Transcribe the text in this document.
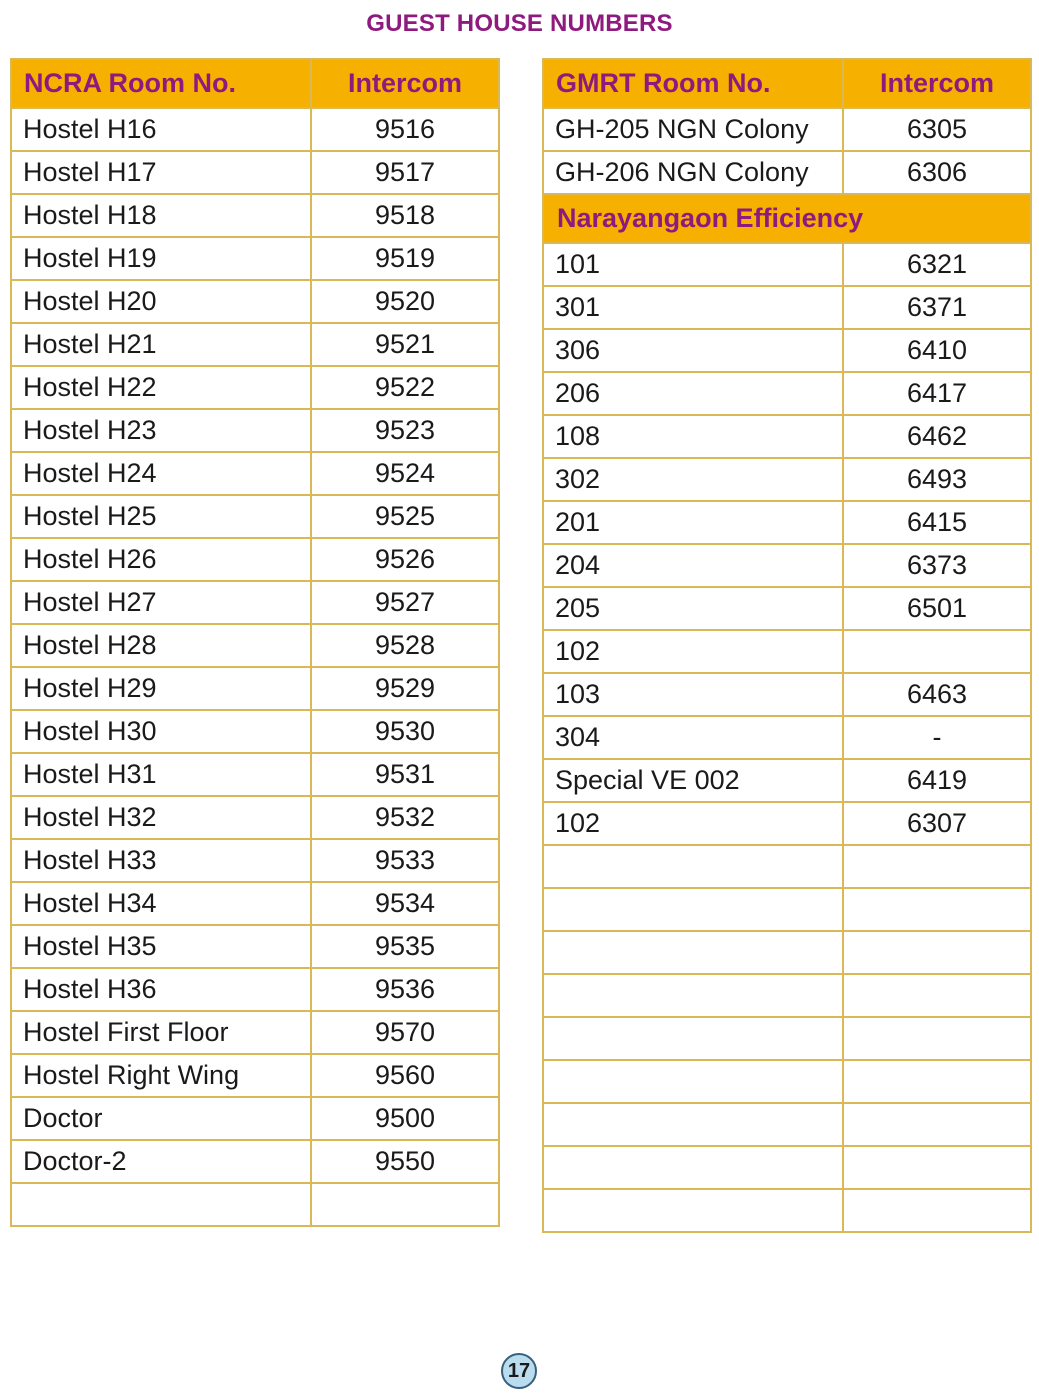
GUEST HOUSE NUMBERS
NCRA Room No.	Intercom
Hostel H16	9516
Hostel H17	9517
Hostel H18	9518
Hostel H19	9519
Hostel H20	9520
Hostel H21	9521
Hostel H22	9522
Hostel H23	9523
Hostel H24	9524
Hostel H25	9525
Hostel H26	9526
Hostel H27	9527
Hostel H28	9528
Hostel H29	9529
Hostel H30	9530
Hostel H31	9531
Hostel H32	9532
Hostel H33	9533
Hostel H34	9534
Hostel H35	9535
Hostel H36	9536
Hostel First Floor	9570
Hostel Right Wing	9560
Doctor	9500
Doctor-2	9550

GMRT Room No.	Intercom
GH-205 NGN Colony	6305
GH-206 NGN Colony	6306
Narayangaon Efficiency	
101	6321
301	6371
306	6410
206	6417
108	6462
302	6493
201	6415
204	6373
205	6501
102	
103	6463
304	-
Special VE 002	6419
102	6307

17
